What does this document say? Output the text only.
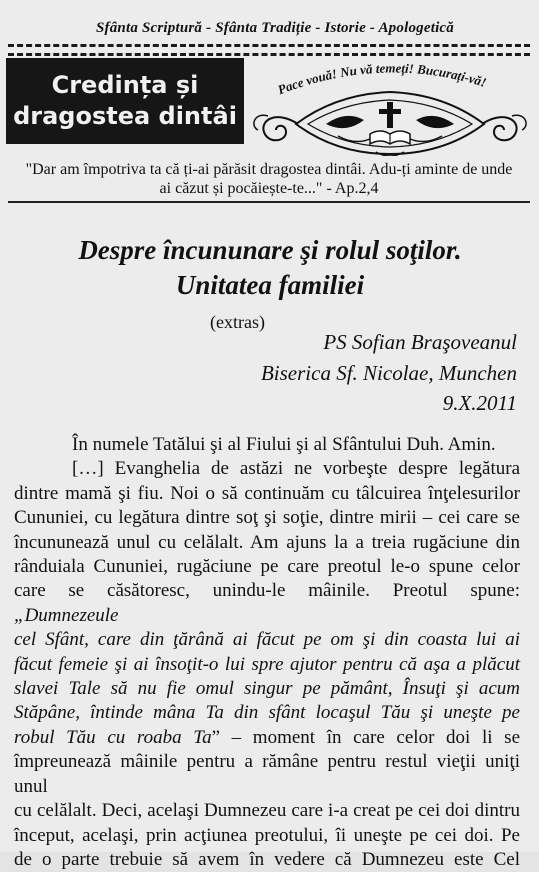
Sfânta Scriptură - Sfânta Tradiție - Istorie - Apologetică
Credința și
dragostea dintâi
Pace vouă! Nu vă temeți! Bucurați-vă!
"Dar am împotriva ta că ți-ai părăsit dragostea dintâi. Adu-ți aminte de unde
ai căzut și pocăiește-te..." - Ap.2,4
Despre încununare şi rolul soţilor.
Unitatea familiei
(extras)
PS Sofian Braşoveanul
Biserica Sf. Nicolae, Munchen
9.X.2011

În numele Tatălui şi al Fiului şi al Sfântului Duh. Amin.

[…] Evanghelia de astăzi ne vorbeşte despre legătura

dintre mamă şi fiu. Noi o să continuăm cu tâlcuirea înţelesurilor

Cununiei, cu legătura dintre soţ şi soţie, dintre mirii – cei care se

încununează unul cu celălalt. Am ajuns la a treia rugăciune din

rânduiala Cununiei, rugăciune pe care preotul le-o spune celor

care se căsătoresc, unindu-le mâinile. Preotul spune: „Dumnezeule

cel Sfânt, care din ţărână ai făcut pe om şi din coasta lui ai

făcut femeie şi ai însoţit-o lui spre ajutor pentru că aşa a plăcut

slavei Tale să nu fie omul singur pe pământ, Însuţi şi acum

Stăpâne, întinde mâna Ta din sfânt locaşul Tău şi uneşte pe

robul Tău cu roaba Ta” – moment în care celor doi li se

împreunează mâinile pentru a rămâne pentru restul vieţii uniţi unul

cu celălalt. Deci, acelaşi Dumnezeu care i-a creat pe cei doi dintru

început, acelaşi, prin acţiunea preotului, îi uneşte pe cei doi. Pe

de o parte trebuie să avem în vedere că Dumnezeu este Cel
